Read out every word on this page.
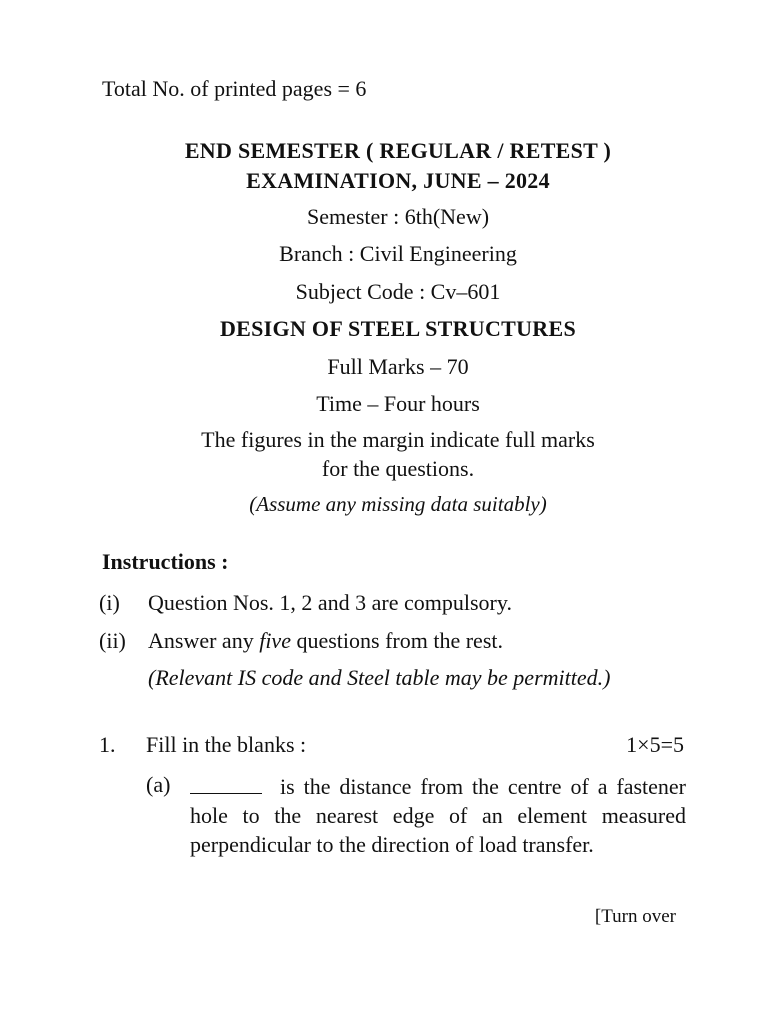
Total No. of printed pages = 6
END SEMESTER ( REGULAR / RETEST )
EXAMINATION, JUNE – 2024
Semester : 6th(New)
Branch : Civil Engineering
Subject Code : Cv–601
DESIGN OF STEEL STRUCTURES
Full Marks – 70
Time – Four hours
The figures in the margin indicate full marks
for the questions.
(Assume any missing data suitably)
Instructions :
(i) Question Nos. 1, 2 and 3 are compulsory.
(ii) Answer any five questions from the rest.
(Relevant IS code and Steel table may be permitted.)
1. Fill in the blanks :	1×5=5
(a)	is the distance from the centre of a fastener hole to the nearest edge of an element measured perpendicular to the direction of load transfer.
[Turn over
